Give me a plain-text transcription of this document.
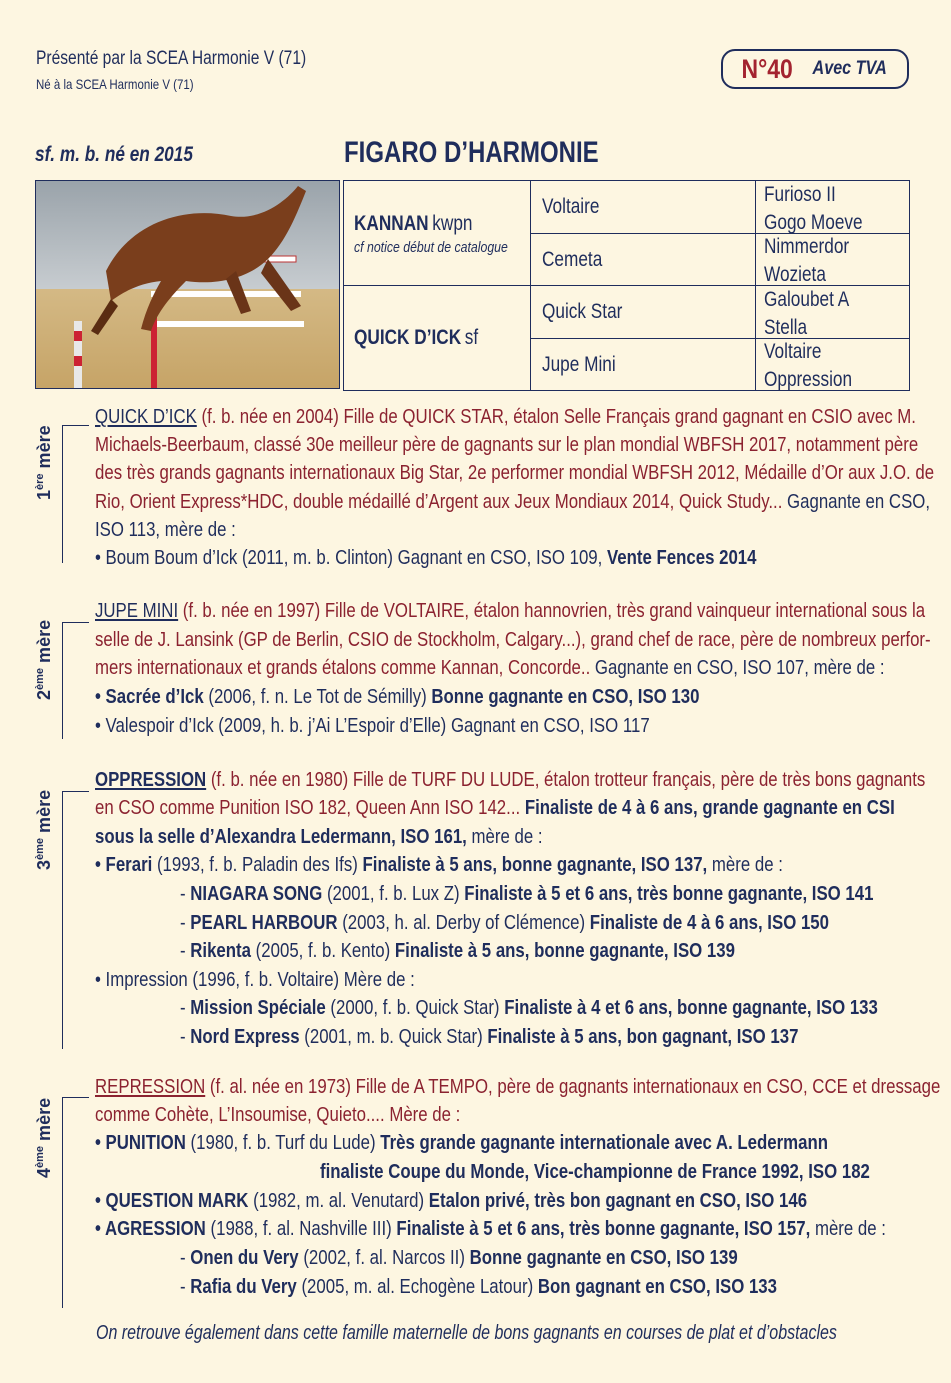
Présenté par la SCEA Harmonie V (71)
Né à la SCEA Harmonie V (71)
N°40 Avec TVA
sf. m. b. né en 2015	FIGARO D’HARMONIE
KANNAN kwpn
cf notice début de catalogue
QUICK D’ICK sf
Voltaire
Cemeta
Quick Star
Jupe Mini
Furioso II
Gogo Moeve
Nimmerdor
Wozieta
Galoubet A
Stella
Voltaire
Oppression
1ère mère
QUICK D’ICK (f. b. née en 2004) Fille de QUICK STAR, étalon Selle Français grand gagnant en CSIO avec M.
Michaels-Beerbaum, classé 30e meilleur père de gagnants sur le plan mondial WBFSH 2017, notamment père
des très grands gagnants internationaux Big Star, 2e performer mondial WBFSH 2012, Médaille d’Or aux J.O. de
Rio, Orient Express*HDC, double médaillé d’Argent aux Jeux Mondiaux 2014, Quick Study... Gagnante en CSO,
ISO 113, mère de :
• Boum Boum d’Ick (2011, m. b. Clinton) Gagnant en CSO, ISO 109, Vente Fences 2014
2ème mère
JUPE MINI (f. b. née en 1997) Fille de VOLTAIRE, étalon hannovrien, très grand vainqueur international sous la
selle de J. Lansink (GP de Berlin, CSIO de Stockholm, Calgary...), grand chef de race, père de nombreux perfor-
mers internationaux et grands étalons comme Kannan, Concorde.. Gagnante en CSO, ISO 107, mère de :
• Sacrée d’Ick (2006, f. n. Le Tot de Sémilly) Bonne gagnante en CSO, ISO 130
• Valespoir d’Ick (2009, h. b. j’Ai L’Espoir d’Elle) Gagnant en CSO, ISO 117
3ème mère
OPPRESSION (f. b. née en 1980) Fille de TURF DU LUDE, étalon trotteur français, père de très bons gagnants
en CSO comme Punition ISO 182, Queen Ann ISO 142... Finaliste de 4 à 6 ans, grande gagnante en CSI
sous la selle d’Alexandra Ledermann, ISO 161, mère de :
• Ferari (1993, f. b. Paladin des Ifs) Finaliste à 5 ans, bonne gagnante, ISO 137, mère de :
- NIAGARA SONG (2001, f. b. Lux Z) Finaliste à 5 et 6 ans, très bonne gagnante, ISO 141
- PEARL HARBOUR (2003, h. al. Derby of Clémence) Finaliste de 4 à 6 ans, ISO 150
- Rikenta (2005, f. b. Kento) Finaliste à 5 ans, bonne gagnante, ISO 139
• Impression (1996, f. b. Voltaire) Mère de :
- Mission Spéciale (2000, f. b. Quick Star) Finaliste à 4 et 6 ans, bonne gagnante, ISO 133
- Nord Express (2001, m. b. Quick Star) Finaliste à 5 ans, bon gagnant, ISO 137
4ème mère
REPRESSION (f. al. née en 1973) Fille de A TEMPO, père de gagnants internationaux en CSO, CCE et dressage
comme Cohète, L’Insoumise, Quieto.... Mère de :
• PUNITION (1980, f. b. Turf du Lude) Très grande gagnante internationale avec A. Ledermann
finaliste Coupe du Monde, Vice-championne de France 1992, ISO 182
• QUESTION MARK (1982, m. al. Venutard) Etalon privé, très bon gagnant en CSO, ISO 146
• AGRESSION (1988, f. al. Nashville III) Finaliste à 5 et 6 ans, très bonne gagnante, ISO 157, mère de :
- Onen du Very (2002, f. al. Narcos II) Bonne gagnante en CSO, ISO 139
- Rafia du Very (2005, m. al. Echogène Latour) Bon gagnant en CSO, ISO 133
On retrouve également dans cette famille maternelle de bons gagnants en courses de plat et d’obstacles
